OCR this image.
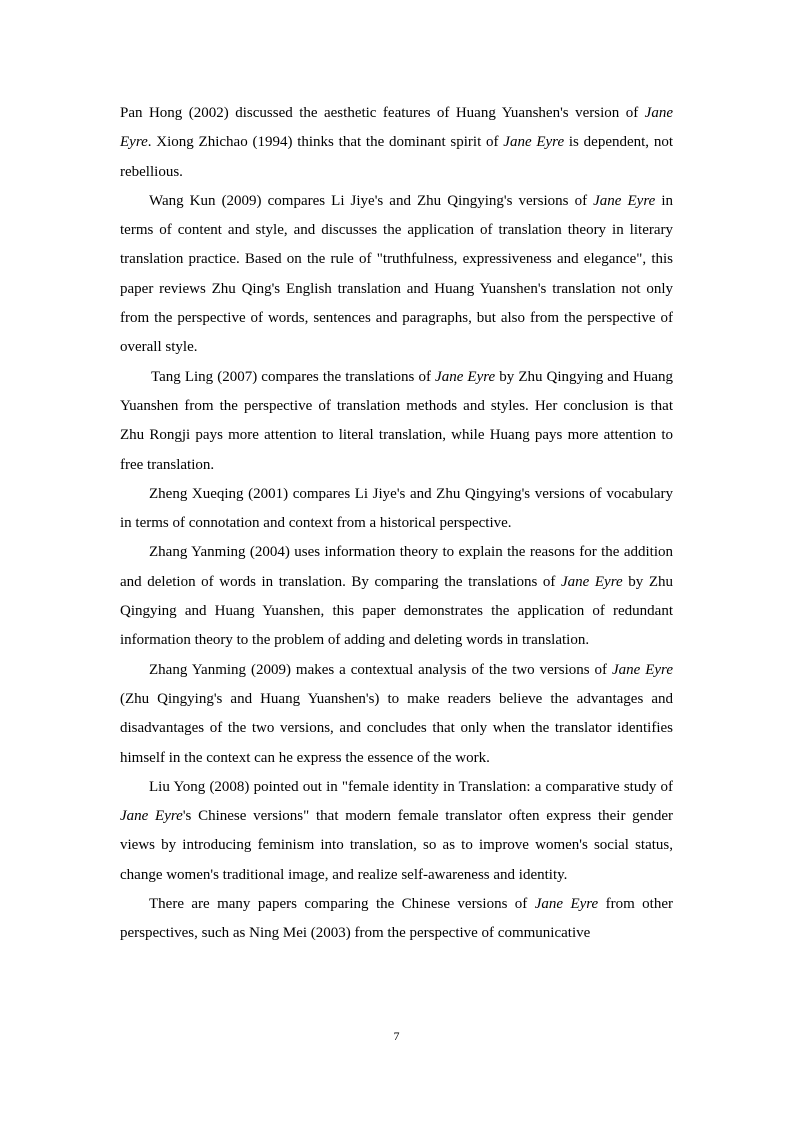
Pan Hong (2002) discussed the aesthetic features of Huang Yuanshen's version of Jane Eyre. Xiong Zhichao (1994) thinks that the dominant spirit of Jane Eyre is dependent, not rebellious.

Wang Kun (2009) compares Li Jiye's and Zhu Qingying's versions of Jane Eyre in terms of content and style, and discusses the application of translation theory in literary translation practice. Based on the rule of "truthfulness, expressiveness and elegance", this paper reviews Zhu Qing's English translation and Huang Yuanshen's translation not only from the perspective of words, sentences and paragraphs, but also from the perspective of overall style.

Tang Ling (2007) compares the translations of Jane Eyre by Zhu Qingying and Huang Yuanshen from the perspective of translation methods and styles. Her conclusion is that Zhu Rongji pays more attention to literal translation, while Huang pays more attention to free translation.

Zheng Xueqing (2001) compares Li Jiye's and Zhu Qingying's versions of vocabulary in terms of connotation and context from a historical perspective.

Zhang Yanming (2004) uses information theory to explain the reasons for the addition and deletion of words in translation. By comparing the translations of Jane Eyre by Zhu Qingying and Huang Yuanshen, this paper demonstrates the application of redundant information theory to the problem of adding and deleting words in translation.

Zhang Yanming (2009) makes a contextual analysis of the two versions of Jane Eyre (Zhu Qingying's and Huang Yuanshen's) to make readers believe the advantages and disadvantages of the two versions, and concludes that only when the translator identifies himself in the context can he express the essence of the work.

Liu Yong (2008) pointed out in "female identity in Translation: a comparative study of Jane Eyre's Chinese versions" that modern female translator often express their gender views by introducing feminism into translation, so as to improve women's social status, change women's traditional image, and realize self-awareness and identity.

There are many papers comparing the Chinese versions of Jane Eyre from other perspectives, such as Ning Mei (2003) from the perspective of communicative

7
